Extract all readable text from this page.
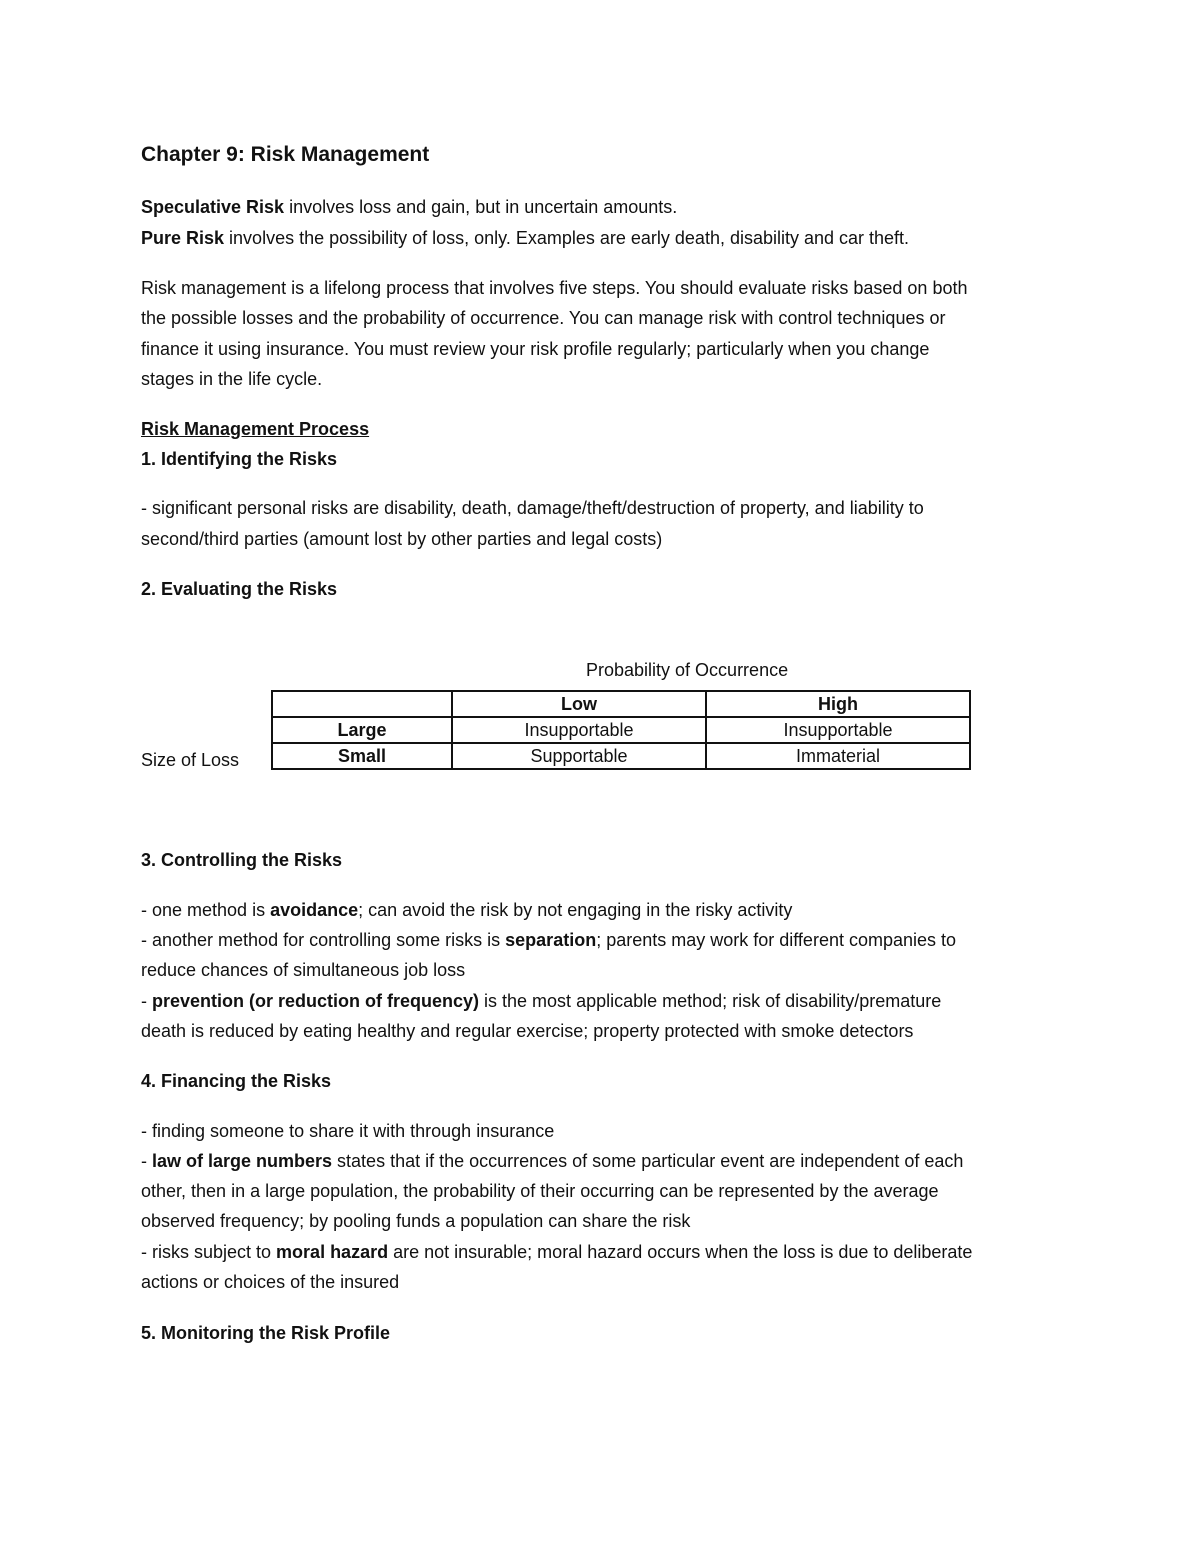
Chapter 9: Risk Management

Speculative Risk involves loss and gain, but in uncertain amounts.

Pure Risk involves the possibility of loss, only. Examples are early death, disability and car theft.

Risk management is a lifelong process that involves five steps. You should evaluate risks based on both

the possible losses and the probability of occurrence. You can manage risk with control techniques or

finance it using insurance. You must review your risk profile regularly; particularly when you change

stages in the life cycle.

Risk Management Process

1. Identifying the Risks

- significant personal risks are disability, death, damage/theft/destruction of property, and liability to

second/third parties (amount lost by other parties and legal costs)

2. Evaluating the Risks

Probability of Occurrence
Size of Loss
	Low	High
Large	Insupportable	Insupportable
Small	Supportable	Immaterial

3. Controlling the Risks

- one method is avoidance; can avoid the risk by not engaging in the risky activity

- another method for controlling some risks is separation; parents may work for different companies to

reduce chances of simultaneous job loss

- prevention (or reduction of frequency) is the most applicable method; risk of disability/premature

death is reduced by eating healthy and regular exercise; property protected with smoke detectors

4. Financing the Risks

- finding someone to share it with through insurance

- law of large numbers states that if the occurrences of some particular event are independent of each

other, then in a large population, the probability of their occurring can be represented by the average

observed frequency; by pooling funds a population can share the risk

- risks subject to moral hazard are not insurable; moral hazard occurs when the loss is due to deliberate

actions or choices of the insured

5. Monitoring the Risk Profile
